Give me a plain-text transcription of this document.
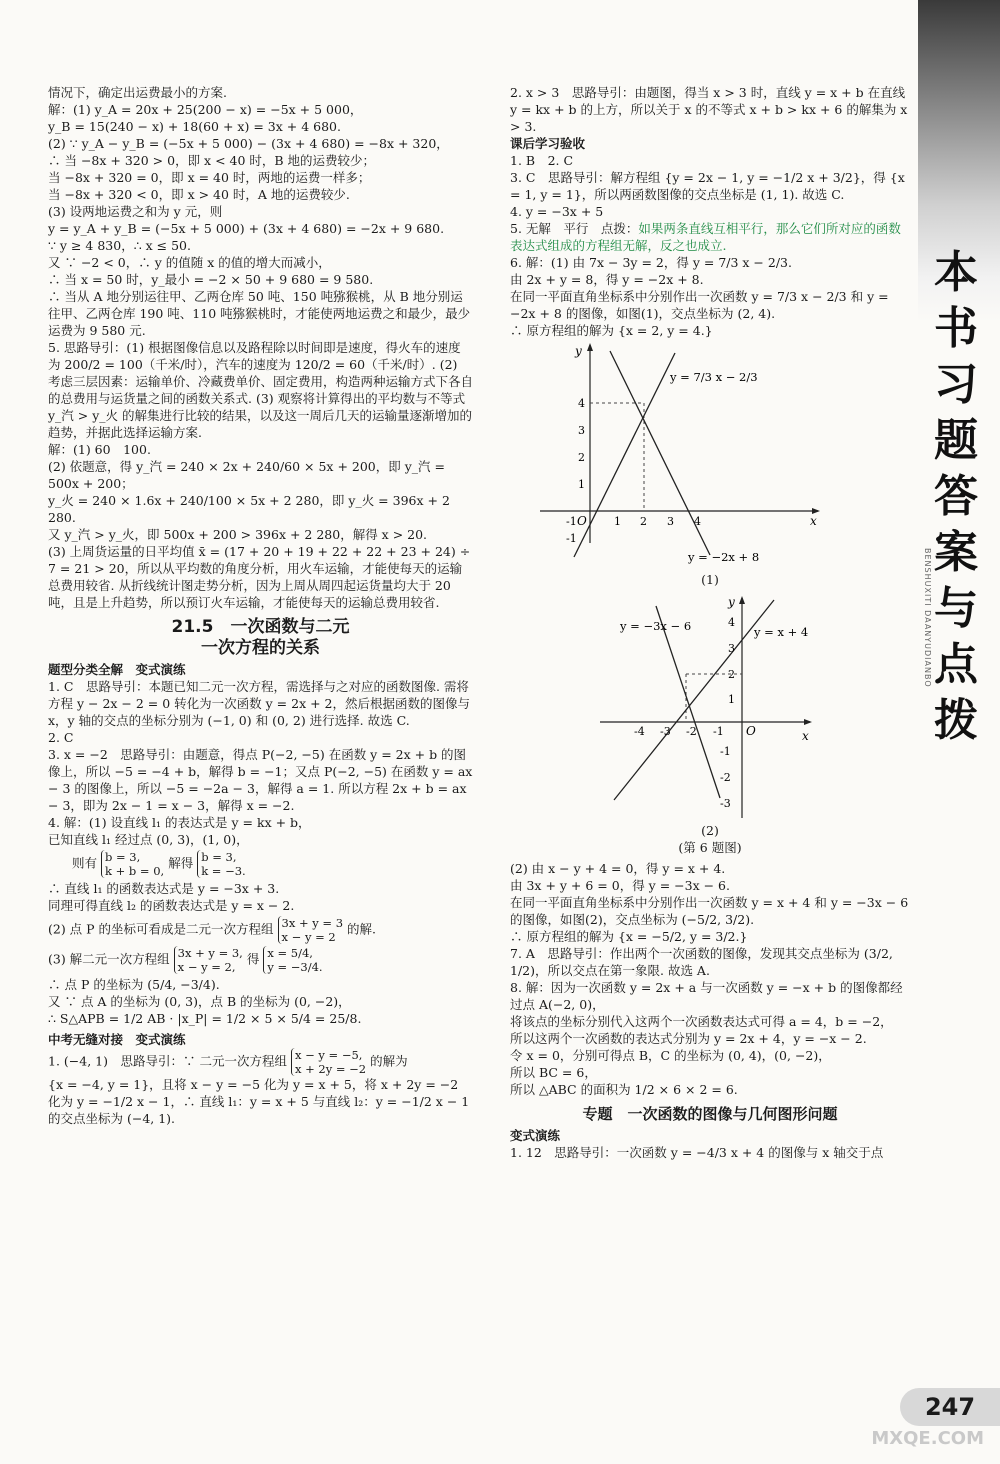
情况下，确定出运费最小的方案.

解：(1) y_A = 20x + 25(200 − x) = −5x + 5 000，

y_B = 15(240 − x) + 18(60 + x) = 3x + 4 680.

(2) ∵ y_A − y_B = (−5x + 5 000) − (3x + 4 680) = −8x + 320，

∴ 当 −8x + 320 > 0，即 x < 40 时，B 地的运费较少；

当 −8x + 320 = 0，即 x = 40 时，两地的运费一样多；

当 −8x + 320 < 0，即 x > 40 时，A 地的运费较少.

(3) 设两地运费之和为 y 元，则

y = y_A + y_B = (−5x + 5 000) + (3x + 4 680) = −2x + 9 680.

∵ y ≥ 4 830，∴ x ≤ 50.

又 ∵ −2 < 0，∴ y 的值随 x 的值的增大而减小，

∴ 当 x = 50 时，y_最小 = −2 × 50 + 9 680 = 9 580.

∴ 当从 A 地分别运往甲、乙两仓库 50 吨、150 吨猕猴桃，从 B 地分别运往甲、乙两仓库 190 吨、110 吨猕猴桃时，才能使两地运费之和最少，最少运费为 9 580 元.

5. 思路导引：(1) 根据图像信息以及路程除以时间即是速度，得火车的速度为 200/2 = 100（千米/时），汽车的速度为 120/2 = 60（千米/时）. (2) 考虑三层因素：运输单价、冷藏费单价、固定费用，构造两种运输方式下各自的总费用与运货量之间的函数关系式. (3) 观察将计算得出的平均数与不等式 y_汽 > y_火 的解集进行比较的结果，以及这一周后几天的运输量逐渐增加的趋势，并据此选择运输方案.

解：(1) 60　100.

(2) 依题意，得 y_汽 = 240 × 2x + 240/60 × 5x + 200，即 y_汽 = 500x + 200；

y_火 = 240 × 1.6x + 240/100 × 5x + 2 280，即 y_火 = 396x + 2 280.

又 y_汽 > y_火，即 500x + 200 > 396x + 2 280，解得 x > 20.

(3) 上周货运量的日平均值 x̄ = (17 + 20 + 19 + 22 + 22 + 23 + 24) ÷ 7 = 21 > 20，所以从平均数的角度分析，用火车运输，才能使每天的运输总费用较省. 从折线统计图走势分析，因为上周从周四起运货量均大于 20 吨，且是上升趋势，所以预订火车运输，才能使每天的运输总费用较省.

21.5　一次函数与二元
一次方程的关系

题型分类全解　变式演练

1. C　思路导引：本题已知二元一次方程，需选择与之对应的函数图像. 需将方程 y − 2x − 2 = 0 转化为一次函数 y = 2x + 2，然后根据函数的图像与 x，y 轴的交点的坐标分别为 (−1, 0) 和 (0, 2) 进行选择. 故选 C.

2. C

3. x = −2　思路导引：由题意，得点 P(−2, −5) 在函数 y = 2x + b 的图像上，所以 −5 = −4 + b，解得 b = −1；又点 P(−2, −5) 在函数 y = ax − 3 的图像上，所以 −5 = −2a − 3，解得 a = 1. 所以方程 2x + b = ax − 3，即为 2x − 1 = x − 3，解得 x = −2.

4. 解：(1) 设直线 l₁ 的表达式是 y = kx + b，

已知直线 l₁ 经过点 (0, 3)，(1, 0)，

则有 b = 3,
k + b = 0, 解得 b = 3,
k = −3.

∴ 直线 l₁ 的函数表达式是 y = −3x + 3.

同理可得直线 l₂ 的函数表达式是 y = x − 2.

(2) 点 P 的坐标可看成是二元一次方程组 3x + y = 3
x − y = 2 的解.

(3) 解二元一次方程组 3x + y = 3,
x − y = 2, 得 x = 5/4,
y = −3/4.

∴ 点 P 的坐标为 (5/4, −3/4).

又 ∵ 点 A 的坐标为 (0, 3)，点 B 的坐标为 (0, −2)，

∴ S△APB = 1/2 AB · |x_P| = 1/2 × 5 × 5/4 = 25/8.

中考无缝对接　变式演练

1. (−4, 1)　思路导引：∵ 二元一次方程组 x − y = −5,
x + 2y = −2 的解为

{x = −4, y = 1}，且将 x − y = −5 化为 y = x + 5，将 x + 2y = −2 化为 y = −1/2 x − 1，∴ 直线 l₁：y = x + 5 与直线 l₂：y = −1/2 x − 1 的交点坐标为 (−4, 1).

2. x > 3　思路导引：由题图，得当 x > 3 时，直线 y = x + b 在直线 y = kx + b 的上方，所以关于 x 的不等式 x + b > kx + 6 的解集为 x > 3.

课后学习验收

1. B　2. C

3. C　思路导引：解方程组 {y = 2x − 1, y = −1/2 x + 3/2}，得 {x = 1, y = 1}，所以两函数图像的交点坐标是 (1, 1). 故选 C.

4. y = −3x + 5

5. 无解　平行　点拨：如果两条直线互相平行，那么它们所对应的函数表达式组成的方程组无解，反之也成立.

6. 解：(1) 由 7x − 3y = 2，得 y = 7/3 x − 2/3.

由 2x + y = 8，得 y = −2x + 8.

在同一平面直角坐标系中分别作出一次函数 y = 7/3 x − 2/3 和 y = −2x + 8 的图像，如图(1)，交点坐标为 (2, 4).

∴ 原方程组的解为 {x = 2, y = 4.}

y
x
O
y = 7/3 x − 2/3
y = −2x + 8
-1	1 2 3 4
-1
1
2
3
4

(1)

y
x
O
y = −3x − 6	y = x + 4
-4 -3 -2 -1
-3
-2
-1
1
2
3
4

(2)

(第 6 题图)

(2) 由 x − y + 4 = 0，得 y = x + 4.

由 3x + y + 6 = 0，得 y = −3x − 6.

在同一平面直角坐标系中分别作出一次函数 y = x + 4 和 y = −3x − 6 的图像，如图(2)，交点坐标为 (−5/2, 3/2).

∴ 原方程组的解为 {x = −5/2, y = 3/2.}

7. A　思路导引：作出两个一次函数的图像，发现其交点坐标为 (3/2, 1/2)，所以交点在第一象限. 故选 A.

8. 解：因为一次函数 y = 2x + a 与一次函数 y = −x + b 的图像都经过点 A(−2, 0)，

将该点的坐标分别代入这两个一次函数表达式可得 a = 4，b = −2，

所以这两个一次函数的表达式分别为 y = 2x + 4，y = −x − 2.

令 x = 0，分别可得点 B，C 的坐标为 (0, 4)，(0, −2)，

所以 BC = 6，

所以 △ABC 的面积为 1/2 × 6 × 2 = 6.

专题　一次函数的图像与几何图形问题

变式演练

1. 12　思路导引：一次函数 y = −4/3 x + 4 的图像与 x 轴交于点

本书习题答案与点拨
BENSHUXITI DAANYUDIANBO
247
MXQE.COM
